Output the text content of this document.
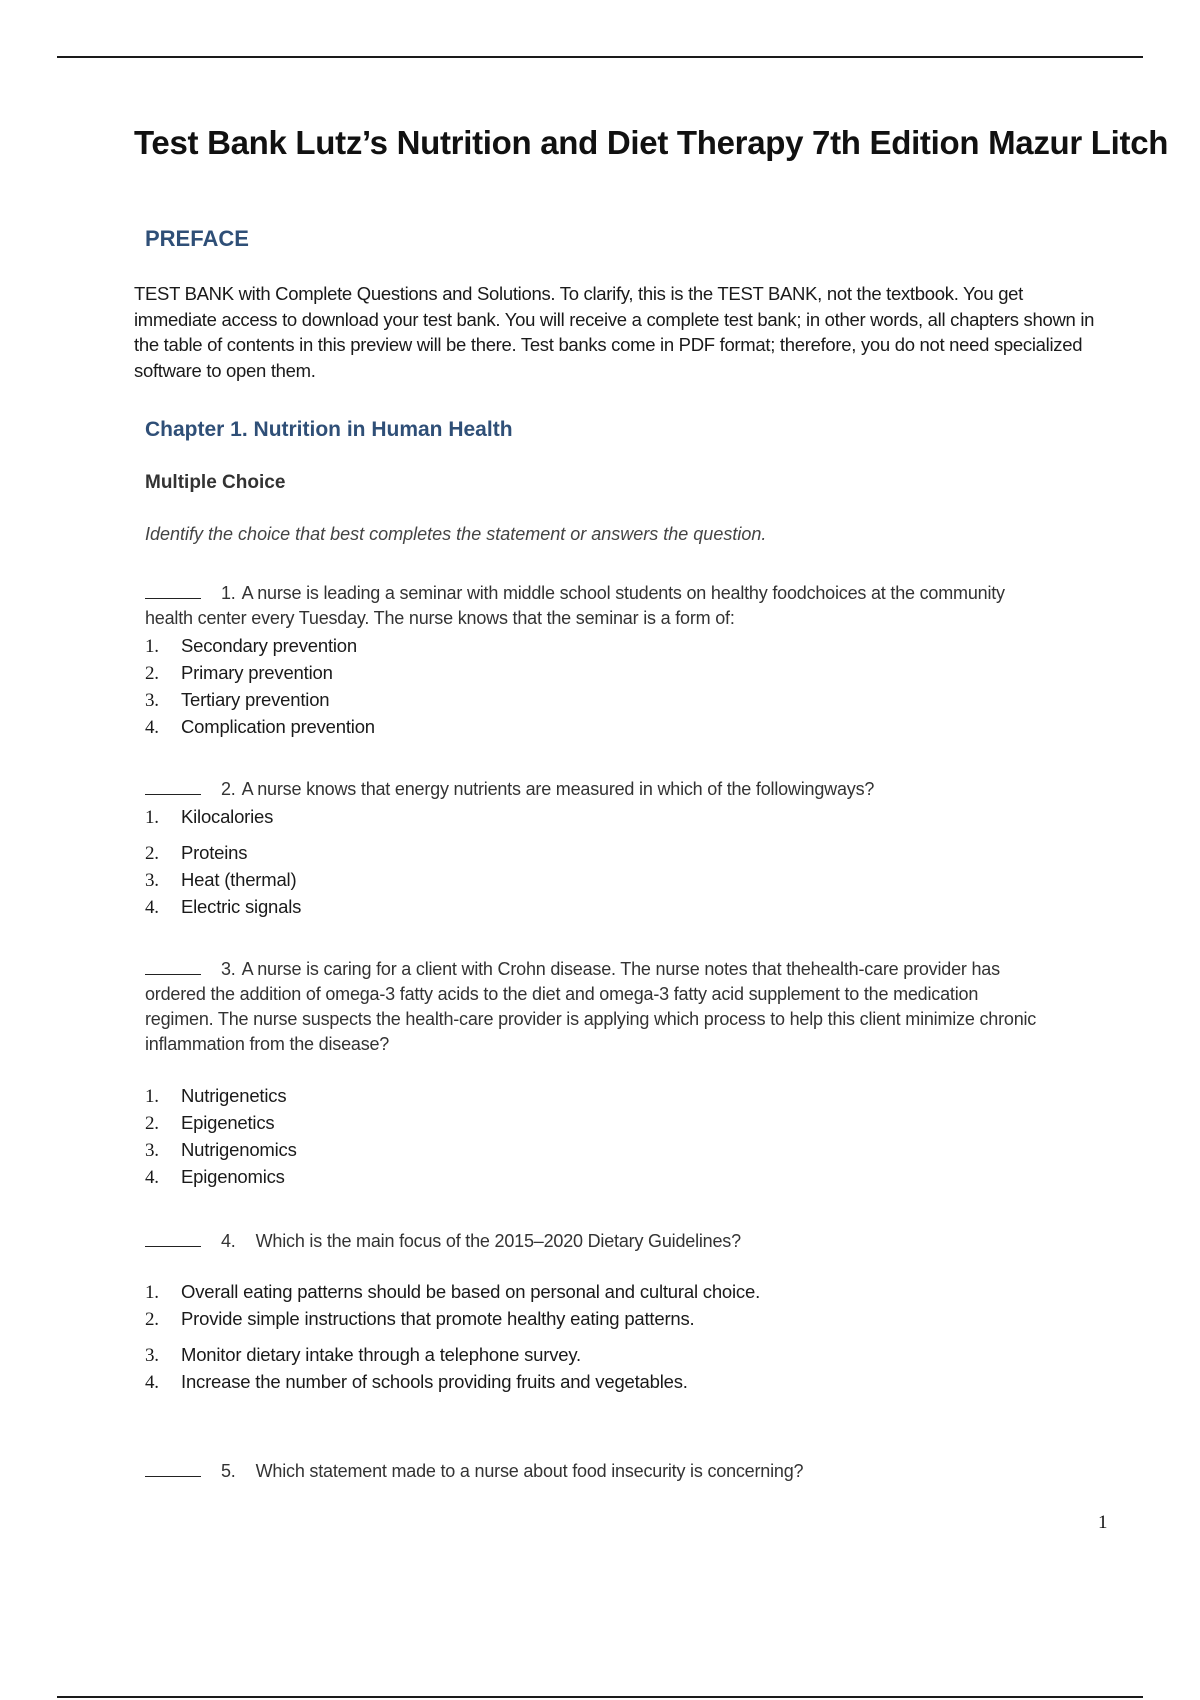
Test Bank Lutz’s Nutrition and Diet Therapy 7th Edition Mazur Litch
PREFACE
TEST BANK with Complete Questions and Solutions. To clarify, this is the TEST BANK, not the textbook. You get immediate access to download your test bank. You will receive a complete test bank; in other words, all chapters shown in the table of contents in this preview will be there. Test banks come in PDF format; therefore, you do not need specialized software to open them.
Chapter 1. Nutrition in Human Health
Multiple Choice
Identify the choice that best completes the statement or answers the question.
1. A nurse is leading a seminar with middle school students on healthy foodchoices at the community health center every Tuesday. The nurse knows that the seminar is a form of:
1. Secondary prevention
2. Primary prevention
3. Tertiary prevention
4. Complication prevention
2. A nurse knows that energy nutrients are measured in which of the followingways?
1. Kilocalories
2. Proteins
3. Heat (thermal)
4. Electric signals
3. A nurse is caring for a client with Crohn disease. The nurse notes that thehealth-care provider has ordered the addition of omega-3 fatty acids to the diet and omega-3 fatty acid supplement to the medication regimen. The nurse suspects the health-care provider is applying which process to help this client minimize chronic inflammation from the disease?
1. Nutrigenetics
2. Epigenetics
3. Nutrigenomics
4. Epigenomics
4. Which is the main focus of the 2015–2020 Dietary Guidelines?
1. Overall eating patterns should be based on personal and cultural choice.
2. Provide simple instructions that promote healthy eating patterns.
3. Monitor dietary intake through a telephone survey.
4. Increase the number of schools providing fruits and vegetables.
5. Which statement made to a nurse about food insecurity is concerning?
1
